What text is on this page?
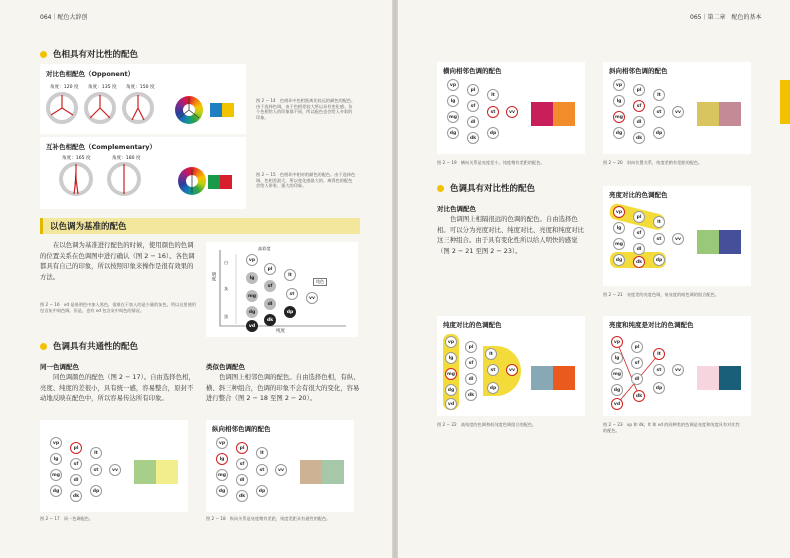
064｜配色大辞创
色相具有对比性的配色
对比色相配色（Opponent）
角度：120 度 角度：135 度 角度：150 度
图 2 − 14　色相环中色相距离比较远的颜色的配色。由于选择色调，由于色相差较大所以具有变化感。各个色相给人的印象都不同，所以配色也会给人多彩的印象。
互补色相配色（Complementary）
角度：165 度	角度：180 度
图 2 − 15　色相环中相对的颜色的配色。由于选择色调，色相差最大，所以变化感最大的。离得色的配色会给人带张、强大的印象。
以色调为基准的配色
在以色调为基准进行配色的时候，使用颜色的色调的位置关系在色调图中进行确认（图 2 − 16）。各色调都具有自己的印象，所以按照印象来操作是很有效果的方法。
图 2 − 16　vd 是低明色中加入黑色，很难在于加入的是少量的灰色，所以这里使用包含灰中间色调。但是，也有 vd 包含灰中间色的情况。
明度
纯度
高彩度
白
灰
黑
纯色
vp
pl
lt
lg
sf
st
vv
mg
dl
dg
dk
dp
vd
色调具有共通性的配色
同一色调配色
同色调颜色的配色（图 2 − 17）。自由选择色相，亮度、纯度的差很小，具有统一感，容易整合，原封不动地反映在配色中，所以容易传达所有印象。
类似色调配色
色调图上相邻色调的配色。自由选择色相，有纵、横、斜三种组合，色调的印象不会有很大的变化，容易进行整合（图 2 − 18 至图 2 − 20）。
vp
pl
lt
lg
sf
st	vv
mg
dl
dg
dk
dp
图 2 − 17　同一色调配色。
纵向相邻色调的配色
vp
pl
lt
lg
sf
st	vv
mg
dl
dg
dk
dp
图 2 − 18　纵向关系是亮度稍有差距，纯度差距具有通性的配色。
065｜第二章　配色的基本
横向相邻色调的配色
vp
pl
lt
lg
sf
st	vv
mg
dl
dg
dk
dp
图 2 − 19　横向关系是亮度差小，纯度稍有差距的配色。
斜向相邻色调的配色
vp
pl
lt
lg
sf
st	vv
mg
dl
dg
dk
dp
图 2 − 20　斜向位置关系，纯度差稍有差距的配色。
色调具有对比性的配色
对比色调配色
色调图上相隔很远的色调的配色。自由选择色相。可以分为亮度对比、纯度对比、亮度和纯度对比这三种组合。由于具有变化性所以给人明快的感觉（图 2 − 21 至图 2 − 23）。
亮度对比的色调配色
vp
pl
lt
lg
sf
st	vv
mg
dl
dg	dk	dp
图 2 − 21　亮度差的亮度色调，低亮度的暗色调的组合配色。
纯度对比的色调配色
vp
pl
lt
lg
sf
st	vv
mg
dl
dg
dk
dp
vd
图 2 − 22　高纯度的色调和低纯度色调组合的配色。
亮度和纯度是对比的色调配色
vp
pl
lt
lg
sf
st	vv
mg
dl
dg
dk
dp
vd
图 2 − 23　vp 和 dk，lt 和 vd 的同种类的色调是亮度和纯度具有对比性的配色。
